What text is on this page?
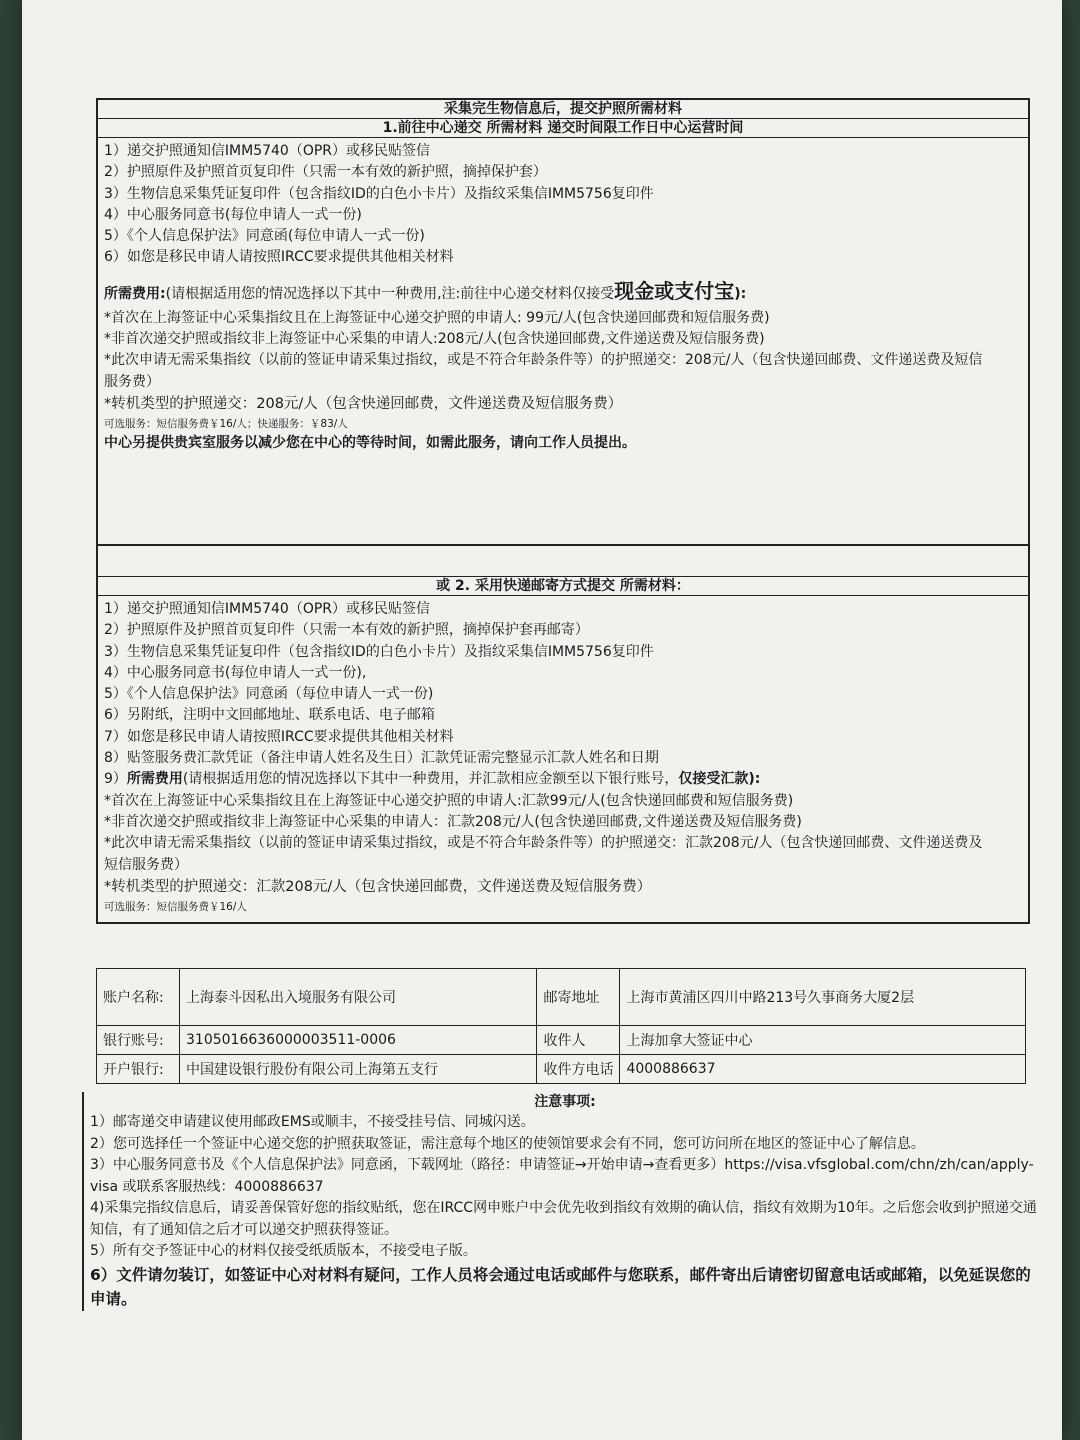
采集完生物信息后，提交护照所需材料
1.前往中心递交 所需材料 递交时间限工作日中心运营时间
1）递交护照通知信IMM5740（OPR）或移民贴签信
2）护照原件及护照首页复印件（只需一本有效的新护照，摘掉保护套）
3）生物信息采集凭证复印件（包含指纹ID的白色小卡片）及指纹采集信IMM5756复印件
4）中心服务同意书(每位申请人一式一份)
5）《个人信息保护法》同意函(每位申请人一式一份)
6）如您是移民申请人请按照IRCC要求提供其他相关材料
所需费用:(请根据适用您的情况选择以下其中一种费用,注:前往中心递交材料仅接受现金或支付宝):
*首次在上海签证中心采集指纹且在上海签证中心递交护照的申请人: 99元/人(包含快递回邮费和短信服务费)
*非首次递交护照或指纹非上海签证中心采集的申请人:208元/人(包含快递回邮费,文件递送费及短信服务费)
*此次申请无需采集指纹（以前的签证申请采集过指纹，或是不符合年龄条件等）的护照递交：208元/人（包含快递回邮费、文件递送费及短信服务费）
*转机类型的护照递交：208元/人（包含快递回邮费，文件递送费及短信服务费）
可选服务：短信服务费￥16/人；快递服务：￥83/人
中心另提供贵宾室服务以减少您在中心的等待时间，如需此服务，请向工作人员提出。
或 2. 采用快递邮寄方式提交 所需材料：
1）递交护照通知信IMM5740（OPR）或移民贴签信
2）护照原件及护照首页复印件（只需一本有效的新护照，摘掉保护套再邮寄）
3）生物信息采集凭证复印件（包含指纹ID的白色小卡片）及指纹采集信IMM5756复印件
4）中心服务同意书(每位申请人一式一份),
5）《个人信息保护法》同意函（每位申请人一式一份)
6）另附纸，注明中文回邮地址、联系电话、电子邮箱
7）如您是移民申请人请按照IRCC要求提供其他相关材料
8）贴签服务费汇款凭证（备注申请人姓名及生日）汇款凭证需完整显示汇款人姓名和日期
9）所需费用(请根据适用您的情况选择以下其中一种费用，并汇款相应金额至以下银行账号，仅接受汇款):
*首次在上海签证中心采集指纹且在上海签证中心递交护照的申请人:汇款99元/人(包含快递回邮费和短信服务费)
*非首次递交护照或指纹非上海签证中心采集的申请人：汇款208元/人(包含快递回邮费,文件递送费及短信服务费)
*此次申请无需采集指纹（以前的签证申请采集过指纹，或是不符合年龄条件等）的护照递交：汇款208元/人（包含快递回邮费、文件递送费及短信服务费）
*转机类型的护照递交：汇款208元/人（包含快递回邮费，文件递送费及短信服务费）
可选服务：短信服务费￥16/人
账户名称:	上海泰斗因私出入境服务有限公司	邮寄地址	上海市黄浦区四川中路213号久事商务大厦2层
银行账号:	3105016636000003511-0006	收件人	上海加拿大签证中心
开户银行:	中国建设银行股份有限公司上海第五支行	收件方电话	4000886637
注意事项:
1）邮寄递交申请建议使用邮政EMS或顺丰，不接受挂号信、同城闪送。
2）您可选择任一个签证中心递交您的护照获取签证，需注意每个地区的使领馆要求会有不同，您可访问所在地区的签证中心了解信息。
3）中心服务同意书及《个人信息保护法》同意函，下载网址（路径：申请签证→开始申请→查看更多）https://visa.vfsglobal.com/chn/zh/can/apply-visa 或联系客服热线：4000886637
4)采集完指纹信息后，请妥善保管好您的指纹贴纸，您在IRCC网申账户中会优先收到指纹有效期的确认信，指纹有效期为10年。之后您会收到护照递交通知信，有了通知信之后才可以递交护照获得签证。
5）所有交予签证中心的材料仅接受纸质版本，不接受电子版。
6）文件请勿装订，如签证中心对材料有疑问，工作人员将会通过电话或邮件与您联系，邮件寄出后请密切留意电话或邮箱，以免延误您的申请。
